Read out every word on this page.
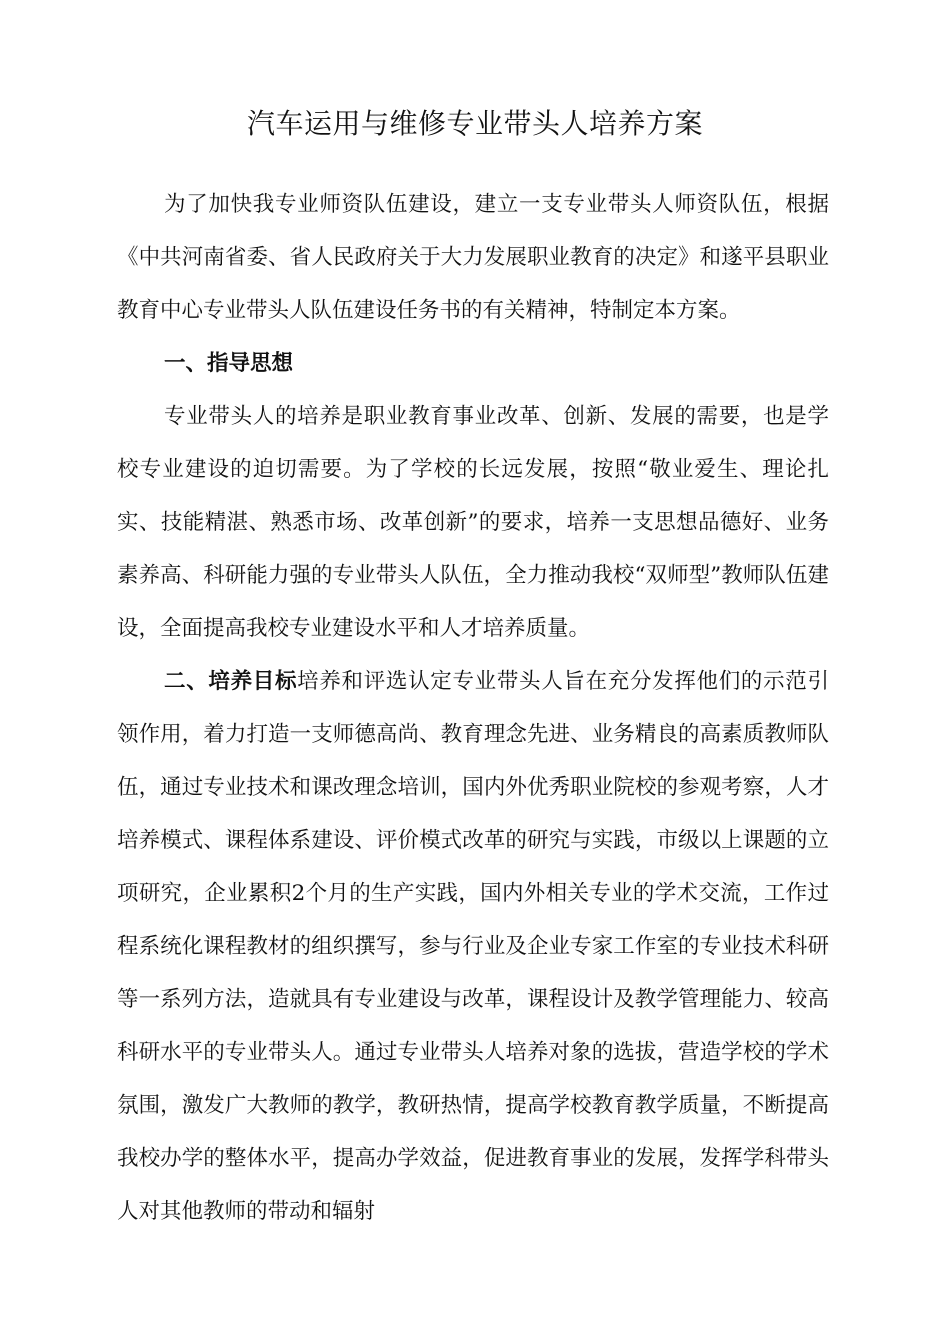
汽车运用与维修专业带头人培养方案

为了加快我专业师资队伍建设，建立一支专业带头人师资队伍，根据《中共河南省委、省人民政府关于大力发展职业教育的决定》和遂平县职业教育中心专业带头人队伍建设任务书的有关精神，特制定本方案。

一、指导思想

专业带头人的培养是职业教育事业改革、创新、发展的需要，也是学校专业建设的迫切需要。为了学校的长远发展，按照“敬业爱生、理论扎实、技能精湛、熟悉市场、改革创新”的要求，培养一支思想品德好、业务素养高、科研能力强的专业带头人队伍，全力推动我校“双师型”教师队伍建设，全面提高我校专业建设水平和人才培养质量。

二、培养目标培养和评选认定专业带头人旨在充分发挥他们的示范引领作用，着力打造一支师德高尚、教育理念先进、业务精良的高素质教师队伍，通过专业技术和课改理念培训，国内外优秀职业院校的参观考察，人才培养模式、课程体系建设、评价模式改革的研究与实践，市级以上课题的立项研究，企业累积2个月的生产实践，国内外相关专业的学术交流，工作过程系统化课程教材的组织撰写，参与行业及企业专家工作室的专业技术科研等一系列方法，造就具有专业建设与改革，课程设计及教学管理能力、较高科研水平的专业带头人。通过专业带头人培养对象的选拔，营造学校的学术氛围，激发广大教师的教学，教研热情，提高学校教育教学质量，不断提高我校办学的整体水平，提高办学效益，促进教育事业的发展，发挥学科带头人对其他教师的带动和辐射
